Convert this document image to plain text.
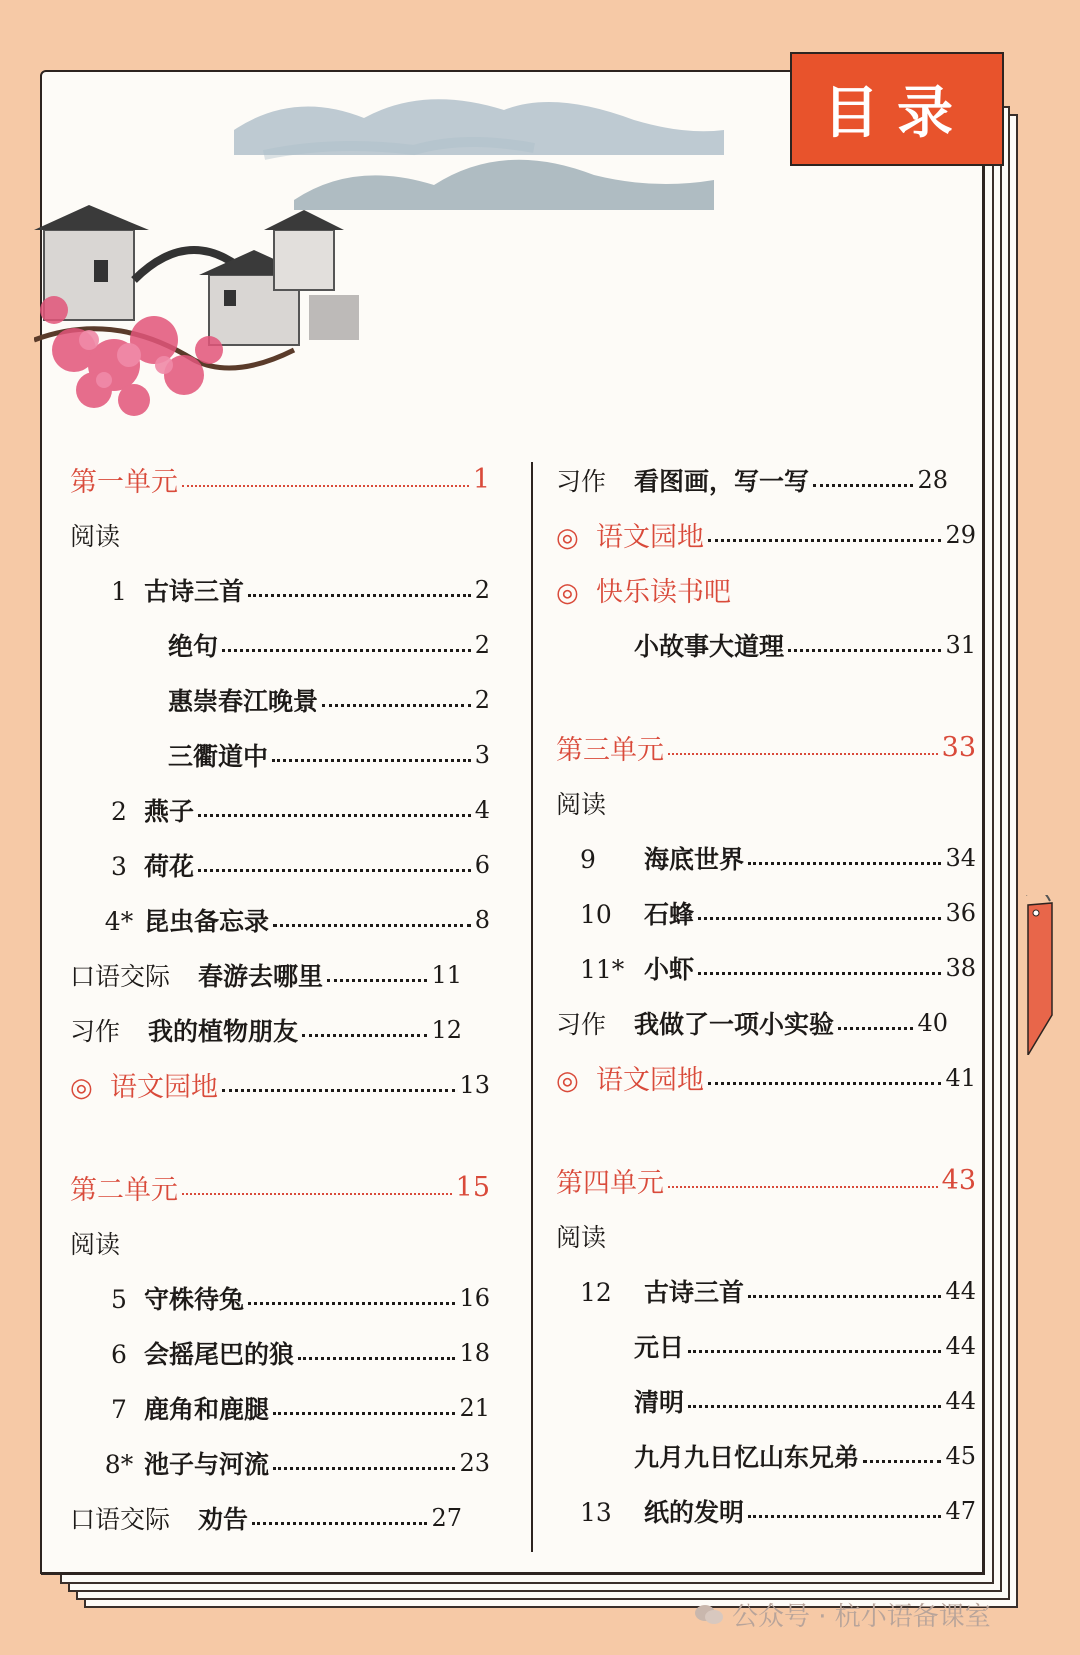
目录
第一单元	1
阅读
1 古诗三首	2
绝句	2
惠崇春江晚景	2
三衢道中	3
2 燕子	4
3 荷花	6
4* 昆虫备忘录	8
口语交际 春游去哪里	11
习作 我的植物朋友	12
◎ 语文园地	13
第二单元	15
阅读
5 守株待兔	16
6 会摇尾巴的狼	18
7 鹿角和鹿腿	21
8* 池子与河流	23
口语交际 劝告	27
习作 看图画，写一写	28
◎ 语文园地	29
◎ 快乐读书吧
小故事大道理	31
第三单元	33
阅读
9 海底世界	34
10 石蜂	36
11* 小虾	38
习作 我做了一项小实验	40
◎ 语文园地	41
第四单元	43
阅读
12 古诗三首	44
元日	44
清明	44
九月九日忆山东兄弟	45
13 纸的发明	47
公众号 · 杭小语备课室
